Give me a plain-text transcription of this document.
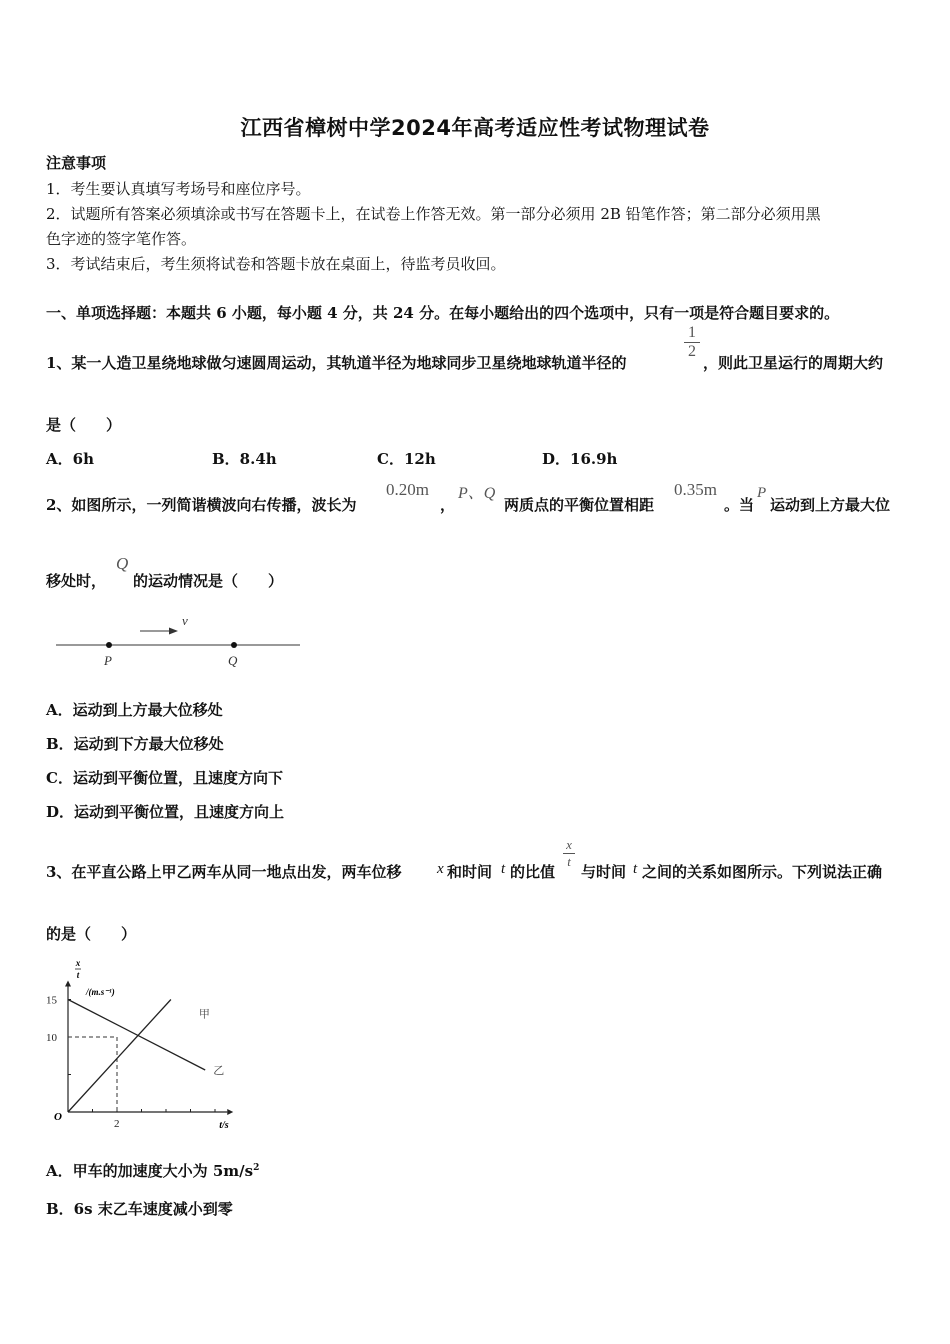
江西省樟树中学2024年高考适应性考试物理试卷
注意事项
1．考生要认真填写考场号和座位序号。
2．试题所有答案必须填涂或书写在答题卡上，在试卷上作答无效。第一部分必须用 2B 铅笔作答；第二部分必须用黑
色字迹的签字笔作答。
3．考试结束后，考生须将试卷和答题卡放在桌面上，待监考员收回。
一、单项选择题：本题共 6 小题，每小题 4 分，共 24 分。在每小题给出的四个选项中，只有一项是符合题目要求的。
1、某一人造卫星绕地球做匀速圆周运动，其轨道半径为地球同步卫星绕地球轨道半径的
$\frac{1}{2}$
，则此卫星运行的周期大约
是（　　）
A．6h	B．8.4h	C．12h	D．16.9h
2、如图所示，一列简谐横波向右传播，波长为
0.20m
，
P、Q
两质点的平衡位置相距
0.35m
。当
P
运动到上方最大位
移处时，
Q
的运动情况是（　　）
v
P	Q
A．运动到上方最大位移处
B．运动到下方最大位移处
C．运动到平衡位置，且速度方向下
D．运动到平衡位置，且速度方向上
3、在平直公路上甲乙两车从同一地点出发，两车位移 x 和时间 t 的比值
$\frac{x}{t}$
与时间 t 之间的关系如图所示。下列说法正确
的是（　　）
x
t
/(m.s⁻¹)
t/s
O
15
10
2
甲
乙
A．甲车的加速度大小为 $5m/s^2$
B．6s 末乙车速度减小到零
